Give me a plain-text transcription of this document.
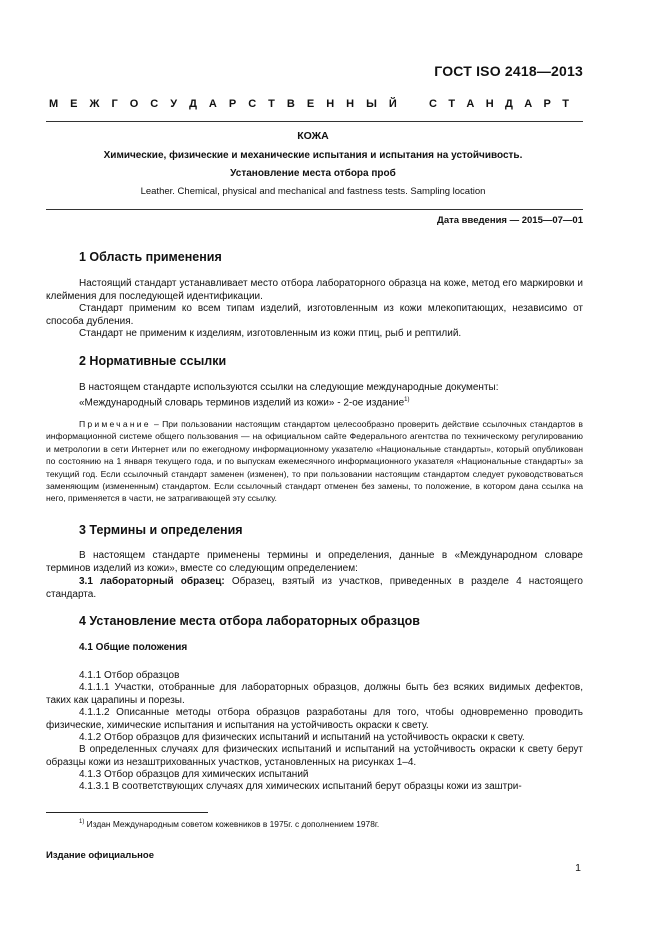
ГОСТ ISO 2418—2013
М Е Ж Г О С У Д А Р С Т В Е Н Н Ы Й	С Т А Н Д А Р Т
КОЖА
Химические, физические и механические испытания и испытания на устойчивость.
Установление места отбора проб
Leather. Chemical, physical and mechanical and fastness tests. Sampling location
Дата введения — 2015—07—01
1 Область применения
Настоящий стандарт устанавливает место отбора лабораторного образца на коже, метод его маркировки и клеймения для последующей идентификации.
Стандарт применим ко всем типам изделий, изготовленным из кожи млекопитающих, независимо от способа дубления.
Стандарт не применим к изделиям, изготовленным из кожи птиц, рыб и рептилий.
2 Нормативные ссылки
В настоящем стандарте используются ссылки на следующие международные документы:
«Международный словарь терминов изделий из кожи» - 2-ое издание$^{1)}$
Примечание – При пользовании настоящим стандартом целесообразно проверить действие ссылочных стандартов в информационной системе общего пользования — на официальном сайте Федерального агентства по техническому регулированию и метрологии в сети Интернет или по ежегодному информационному указателю «Национальные стандарты», который опубликован по состоянию на 1 января текущего года, и по выпускам ежемесячного информационного указателя «Национальные стандарты» за текущий год. Если ссылочный стандарт заменен (изменен), то при пользовании настоящим стандартом следует руководствоваться заменяющим (измененным) стандартом. Если ссылочный стандарт отменен без замены, то положение, в котором дана ссылка на него, применяется в части, не затрагивающей эту ссылку.
3 Термины и определения
В настоящем стандарте применены термины и определения, данные в «Международном словаре терминов изделий из кожи», вместе со следующим определением:
3.1 лабораторный образец: Образец, взятый из участков, приведенных в разделе 4 настоящего стандарта.
4 Установление места отбора лабораторных образцов
4.1 Общие положения
4.1.1 Отбор образцов
4.1.1.1 Участки, отобранные для лабораторных образцов, должны быть без всяких видимых дефектов, таких как царапины и порезы.
4.1.1.2 Описанные методы отбора образцов разработаны для того, чтобы одновременно проводить физические, химические испытания и испытания на устойчивость окраски к свету.
4.1.2 Отбор образцов для физических испытаний и испытаний на устойчивость окраски к свету.
В определенных случаях для физических испытаний и испытаний на устойчивость окраски к свету берут образцы кожи из незаштрихованных участков, установленных на рисунках 1–4.
4.1.3 Отбор образцов для химических испытаний
4.1.3.1 В соответствующих случаях для химических испытаний берут образцы кожи из заштри-
$^{1)}$ Издан Международным советом кожевников в 1975г. с дополнением 1978г.
Издание официальное
1
